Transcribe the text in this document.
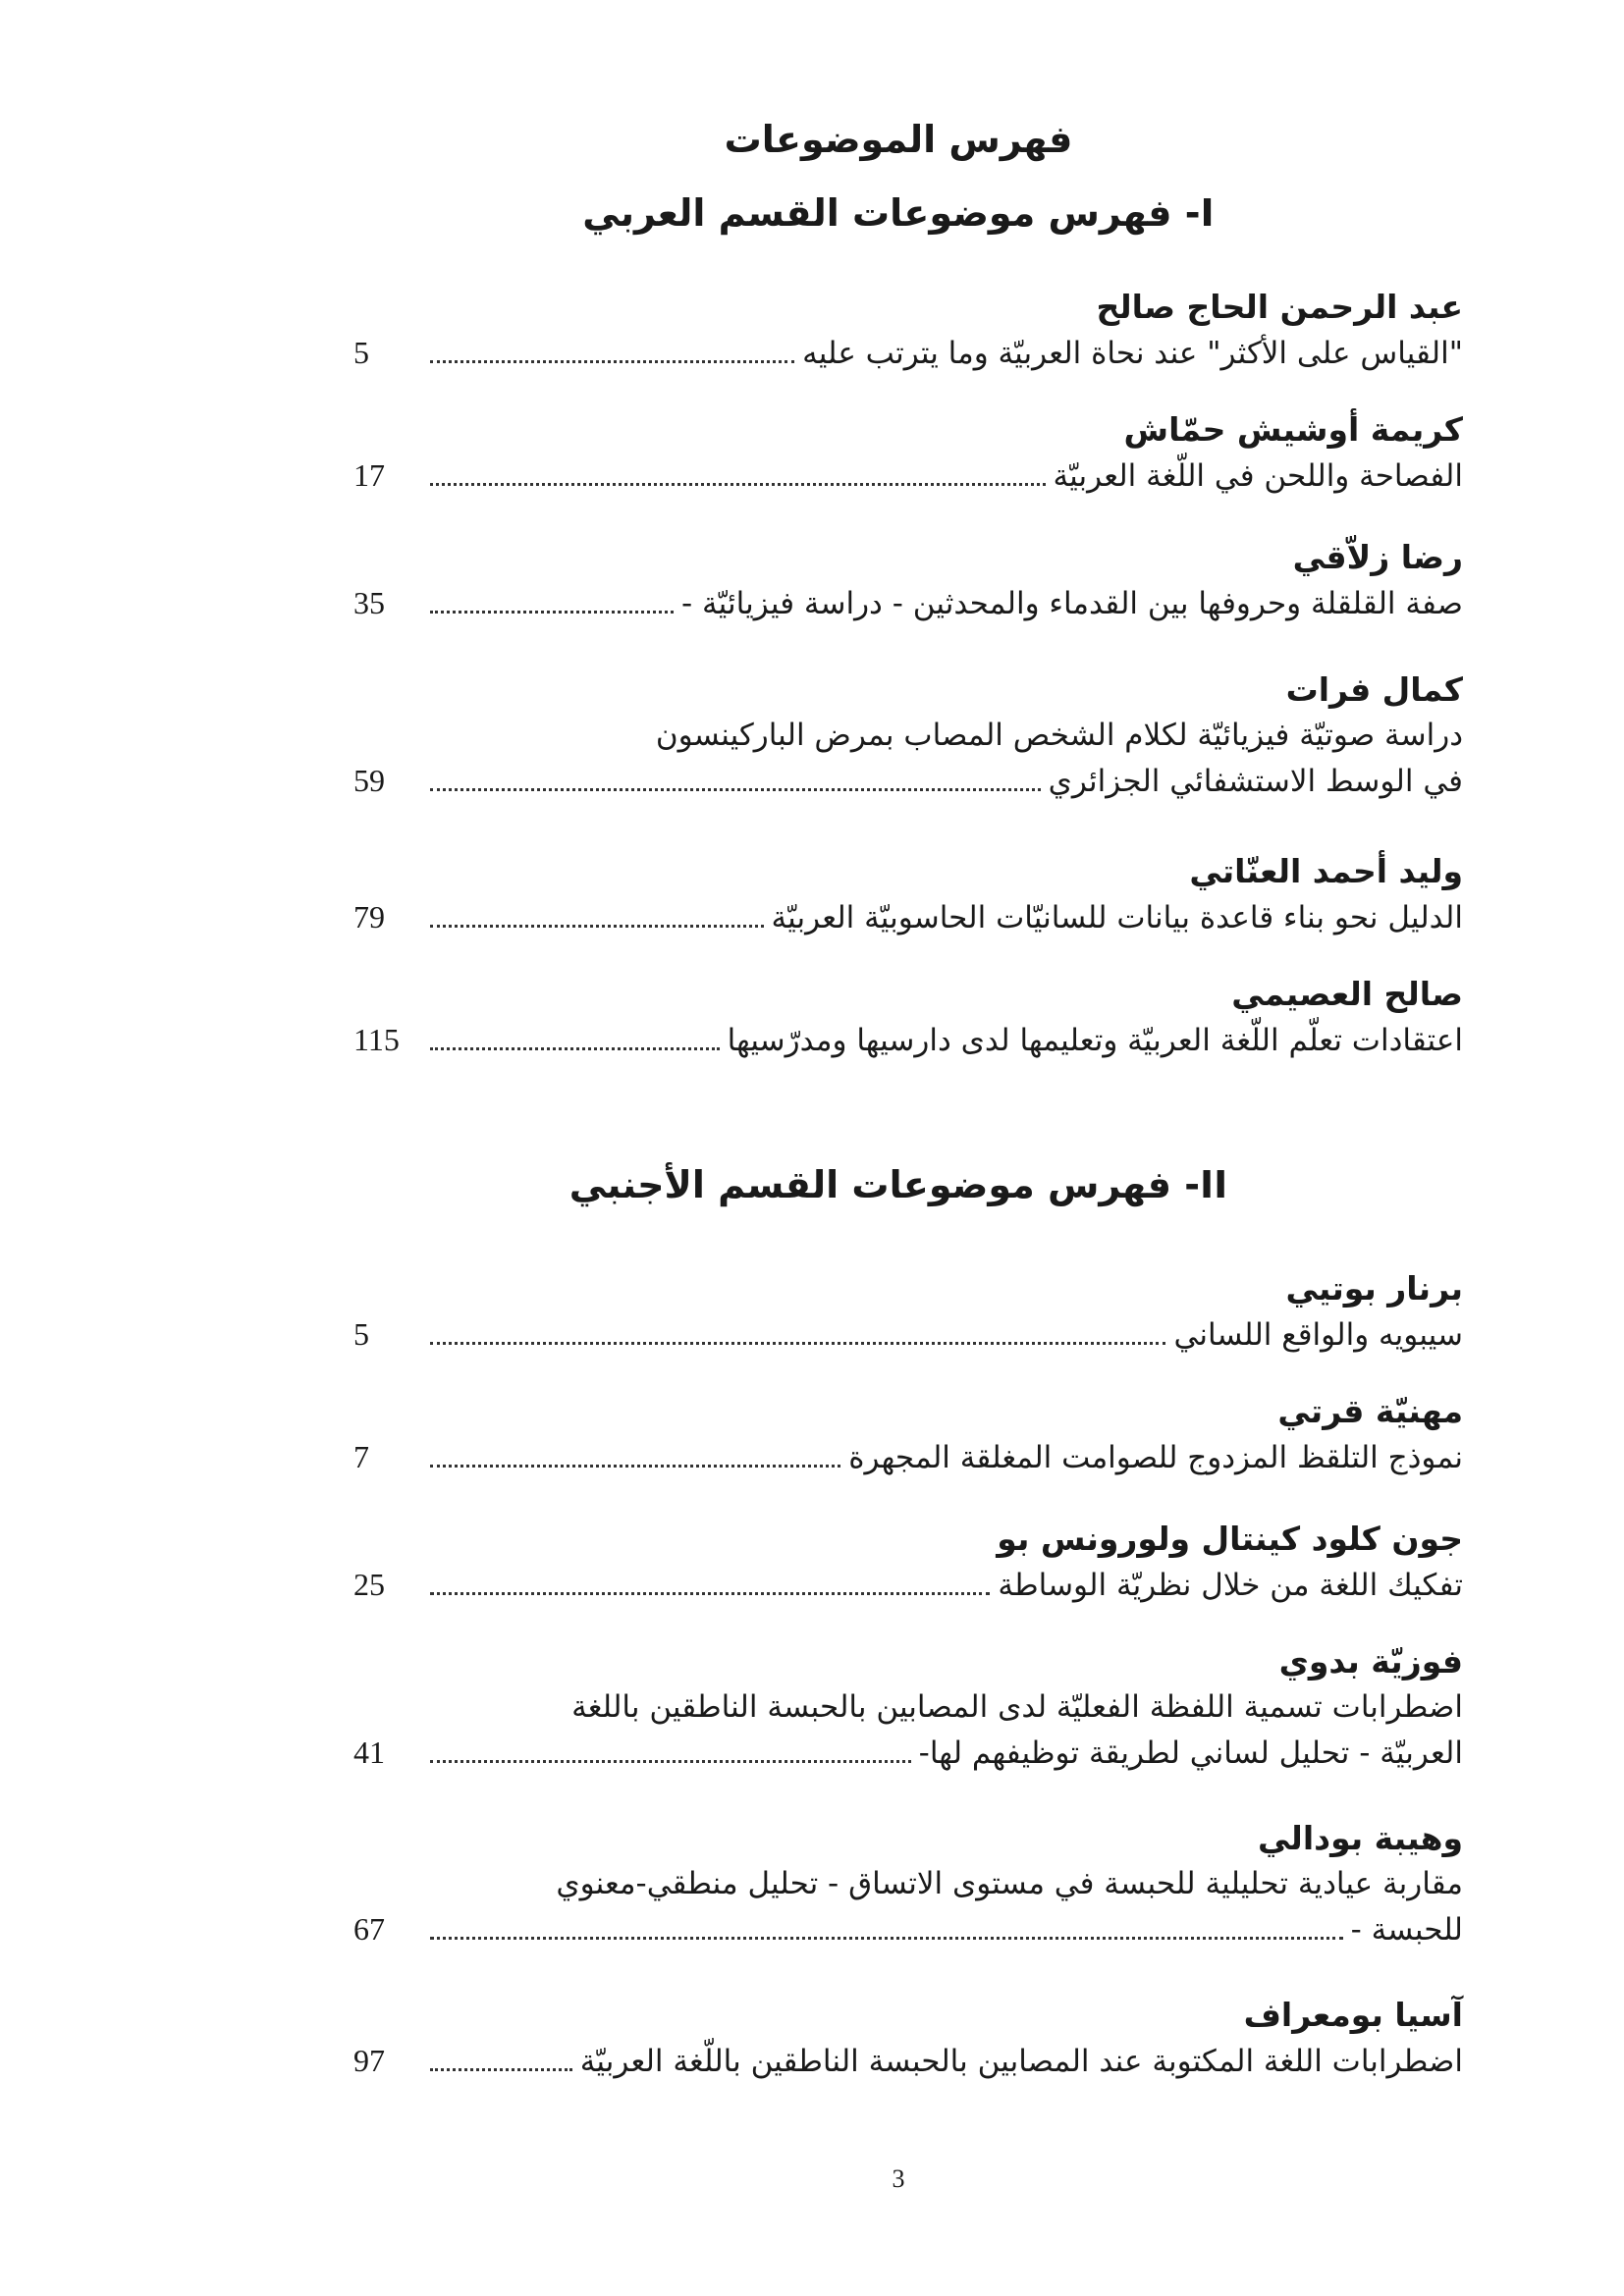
فهرس الموضوعات
I- فهرس موضوعات القسم العربي
عبد الرحمن الحاج صالح
"القياس على الأكثر" عند نحاة العربيّة وما يترتب عليه
5
كريمة أوشيش حمّاش
الفصاحة واللحن في اللّغة العربيّة
17
رضا زلاّقي
صفة القلقلة وحروفها بين القدماء والمحدثين - دراسة فيزيائيّة -
35
كمال فرات
دراسة صوتيّة فيزيائيّة لكلام الشخص المصاب بمرض الباركينسون
في الوسط الاستشفائي الجزائري
59
وليد أحمد العنّاتي
الدليل نحو بناء قاعدة بيانات للسانيّات الحاسوبيّة العربيّة
79
صالح العصيمي
اعتقادات تعلّم اللّغة العربيّة وتعليمها لدى دارسيها ومدرّسيها
115
II- فهرس موضوعات القسم الأجنبي
برنار بوتيي
سيبويه والواقع اللساني
5
مهنيّة قرتي
نموذج التلقظ المزدوج للصوامت المغلقة المجهرة
7
جون كلود كينتال ولورونس بو
تفكيك اللغة من خلال نظريّة الوساطة
25
فوزيّة بدوي
اضطرابات تسمية اللفظة الفعليّة لدى المصابين بالحبسة الناطقين باللغة
العربيّة - تحليل لساني لطريقة توظيفهم لها-
41
وهيبة بودالي
مقاربة عيادية تحليلية للحبسة في مستوى الاتساق - تحليل منطقي-معنوي
للحبسة -
67
آسيا بومعراف
اضطرابات اللغة المكتوبة عند المصابين بالحبسة الناطقين باللّغة العربيّة
97
3
